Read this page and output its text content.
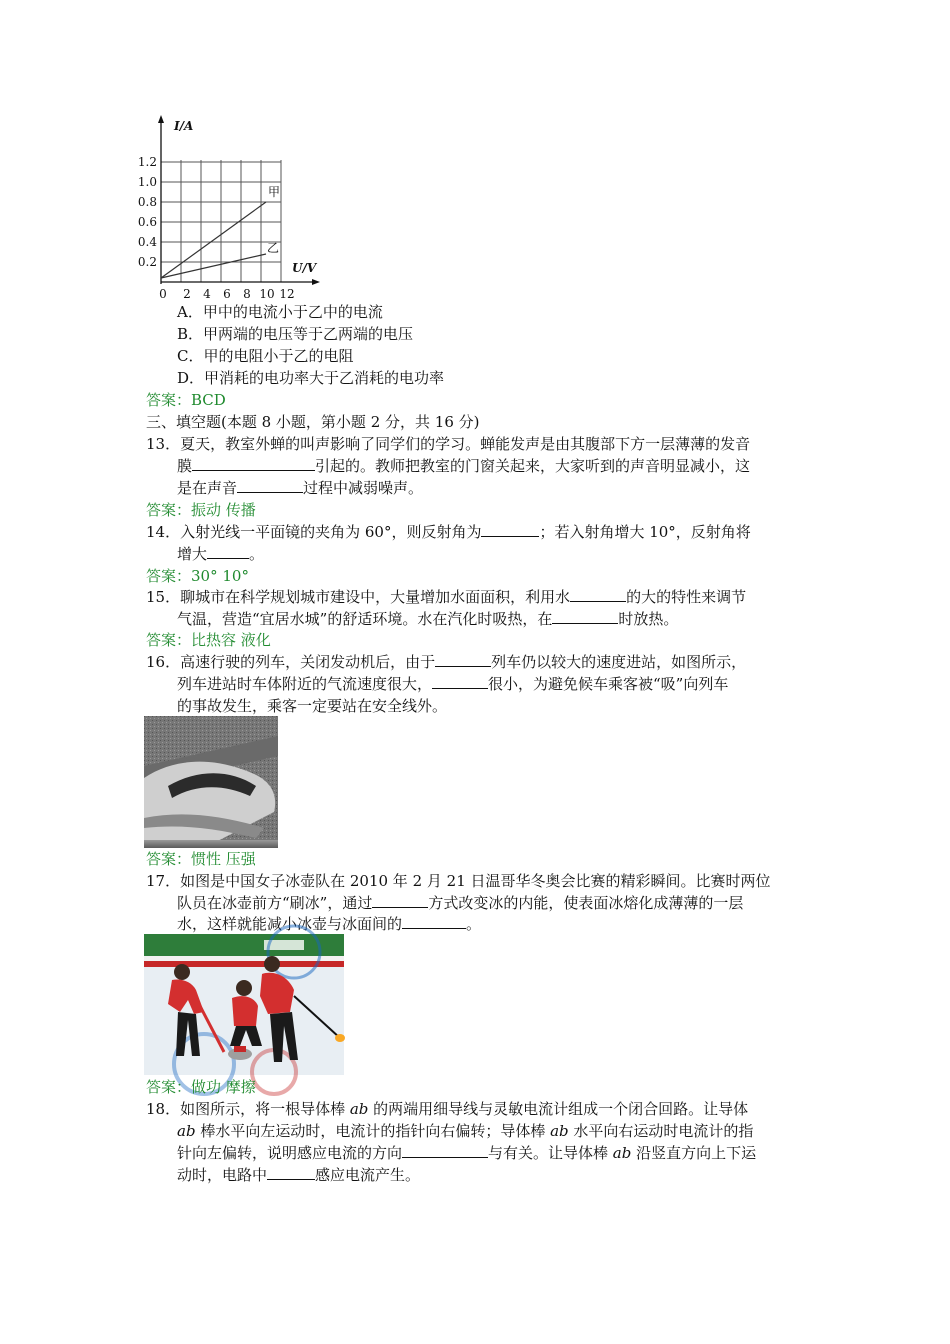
I/A
U/V
1.2
1.0
0.8
0.6
0.4
0.2
0 2 4 6 8 10 12
甲
乙
A．甲中的电流小于乙中的电流
B．甲两端的电压等于乙两端的电压
C．甲的电阻小于乙的电阻
D．甲消耗的电功率大于乙消耗的电功率
答案：BCD
三、填空题(本题 8 小题，第小题 2 分，共 16 分)
13．夏天，教室外蝉的叫声影响了同学们的学习。蝉能发声是由其腹部下方一层薄薄的发音
膜	引起的。教师把教室的门窗关起来，大家听到的声音明显减小，这
是在声音	过程中减弱噪声。
答案：振动 传播
14．入射光线一平面镜的夹角为 60°，则反射角为	；若入射角增大 10°，反射角将
增大	。
答案：30° 10°
15．聊城市在科学规划城市建设中，大量增加水面面积，利用水	的大的特性来调节
气温，营造“宜居水城”的舒适环境。水在汽化时吸热，在	时放热。
答案：比热容 液化
16．高速行驶的列车，关闭发动机后，由于	列车仍以较大的速度进站，如图所示，
列车进站时车体附近的气流速度很大，	很小，为避免候车乘客被“吸”向列车
的事故发生，乘客一定要站在安全线外。
答案：惯性 压强
17．如图是中国女子冰壶队在 2010 年 2 月 21 日温哥华冬奥会比赛的精彩瞬间。比赛时两位
队员在冰壶前方“刷冰”，通过	方式改变冰的内能，使表面冰熔化成薄薄的一层
水，这样就能减小冰壶与冰面间的	。
答案：做功 摩擦
18．如图所示，将一根导体棒 ab 的两端用细导线与灵敏电流计组成一个闭合回路。让导体
ab 棒水平向左运动时，电流计的指针向右偏转；导体棒 ab 水平向右运动时电流计的指
针向左偏转，说明感应电流的方向	与有关。让导体棒 ab 沿竖直方向上下运
动时，电路中	感应电流产生。
